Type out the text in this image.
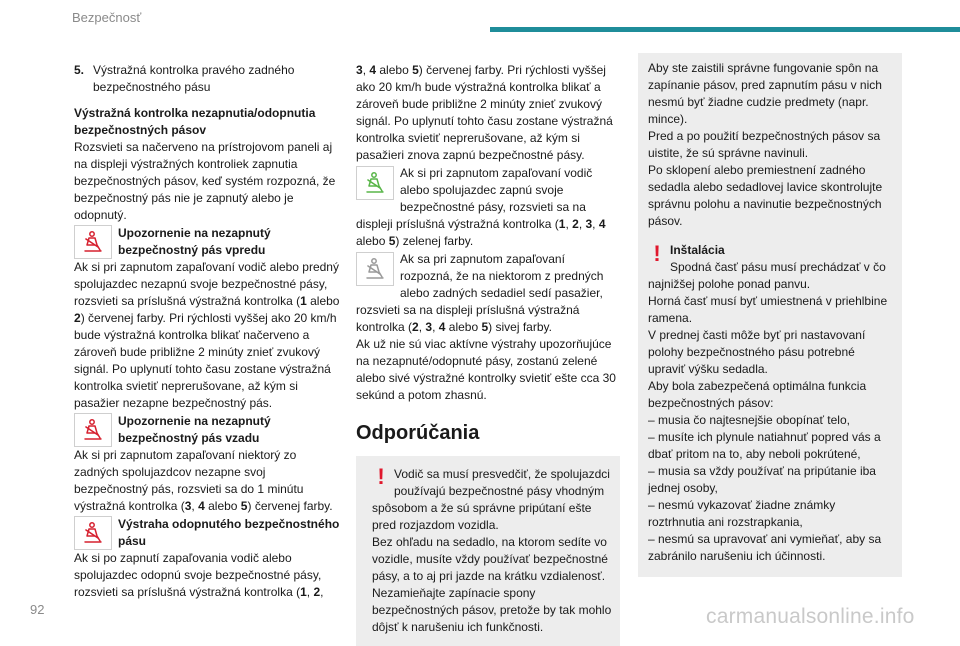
Bezpečnosť

5. Výstražná kontrolka pravého zadného bezpečnostného pásu

Výstražná kontrolka nezapnutia/odopnutia bezpečnostných pásov

Rozsvieti sa načerveno na prístrojovom paneli aj na displeji výstražných kontroliek zapnutia bezpečnostných pásov, keď systém rozpozná, že bezpečnostný pás nie je zapnutý alebo je odopnutý.

Upozornenie na nezapnutý bezpečnostný pás vpredu

Ak si pri zapnutom zapaľovaní vodič alebo predný spolujazdec nezapnú svoje bezpečnostné pásy, rozsvieti sa príslušná výstražná kontrolka (1 alebo 2) červenej farby. Pri rýchlosti vyššej ako 20 km/h bude výstražná kontrolka blikať načerveno a zároveň bude približne 2 minúty znieť zvukový signál. Po uplynutí tohto času zostane výstražná kontrolka svietiť neprerušovane, až kým si pasažier nezapne bezpečnostný pás.

Upozornenie na nezapnutý bezpečnostný pás vzadu

Ak si pri zapnutom zapaľovaní niektorý zo zadných spolujazdcov nezapne svoj bezpečnostný pás, rozsvieti sa do 1 minútu výstražná kontrolka (3, 4 alebo 5) červenej farby.

Výstraha odopnutého bezpečnostného pásu

Ak si po zapnutí zapaľovania vodič alebo spolujazdec odopnú svoje bezpečnostné pásy, rozsvieti sa príslušná výstražná kontrolka (1, 2,

3, 4 alebo 5) červenej farby. Pri rýchlosti vyššej ako 20 km/h bude výstražná kontrolka blikať a zároveň bude približne 2 minúty znieť zvukový signál. Po uplynutí tohto času zostane výstražná kontrolka svietiť neprerušovane, až kým si pasažieri znova zapnú bezpečnostné pásy.

Ak si pri zapnutom zapaľovaní vodič alebo spolujazdec zapnú svoje bezpečnostné pásy, rozsvieti sa na displeji príslušná výstražná kontrolka (1, 2, 3, 4 alebo 5) zelenej farby.

Ak sa pri zapnutom zapaľovaní rozpozná, že na niektorom z predných alebo zadných sedadiel sedí pasažier, rozsvieti sa na displeji príslušná výstražná kontrolka (2, 3, 4 alebo 5) sivej farby.

Ak už nie sú viac aktívne výstrahy upozorňujúce na nezapnuté/odopnuté pásy, zostanú zelené alebo sivé výstražné kontrolky svietiť ešte cca 30 sekúnd a potom zhasnú.

Odporúčania
! Vodič sa musí presvedčiť, že spolujazdci používajú bezpečnostné pásy vhodným spôsobom a že sú správne pripútaní ešte pred rozjazdom vozidla.
Bez ohľadu na sedadlo, na ktorom sedíte vo vozidle, musíte vždy používať bezpečnostné pásy, a to aj pri jazde na krátku vzdialenosť.
Nezamieňajte zapínacie spony bezpečnostných pásov, pretože by tak mohlo dôjsť k narušeniu ich funkčnosti.
Aby ste zaistili správne fungovanie spôn na zapínanie pásov, pred zapnutím pásu v nich nesmú byť žiadne cudzie predmety (napr. mince).
Pred a po použití bezpečnostných pásov sa uistite, že sú správne navinuli.
Po sklopení alebo premiestnení zadného sedadla alebo sedadlovej lavice skontrolujte správnu polohu a navinutie bezpečnostných pásov.
! Inštalácia
Spodná časť pásu musí prechádzať v čo najnižšej polohe ponad panvu.
Horná časť musí byť umiestnená v priehlbine ramena.
V prednej časti môže byť pri nastavovaní polohy bezpečnostného pásu potrebné upraviť výšku sedadla.
Aby bola zabezpečená optimálna funkcia bezpečnostných pásov:
– musia čo najtesnejšie obopínať telo,
– musíte ich plynule natiahnuť popred vás a dbať pritom na to, aby neboli pokrútené,
– musia sa vždy používať na pripútanie iba jednej osoby,
– nesmú vykazovať žiadne známky roztrhnutia ani rozstrapkania,
– nesmú sa upravovať ani vymieňať, aby sa zabránilo narušeniu ich účinnosti.
92	carmanualsonline.info
